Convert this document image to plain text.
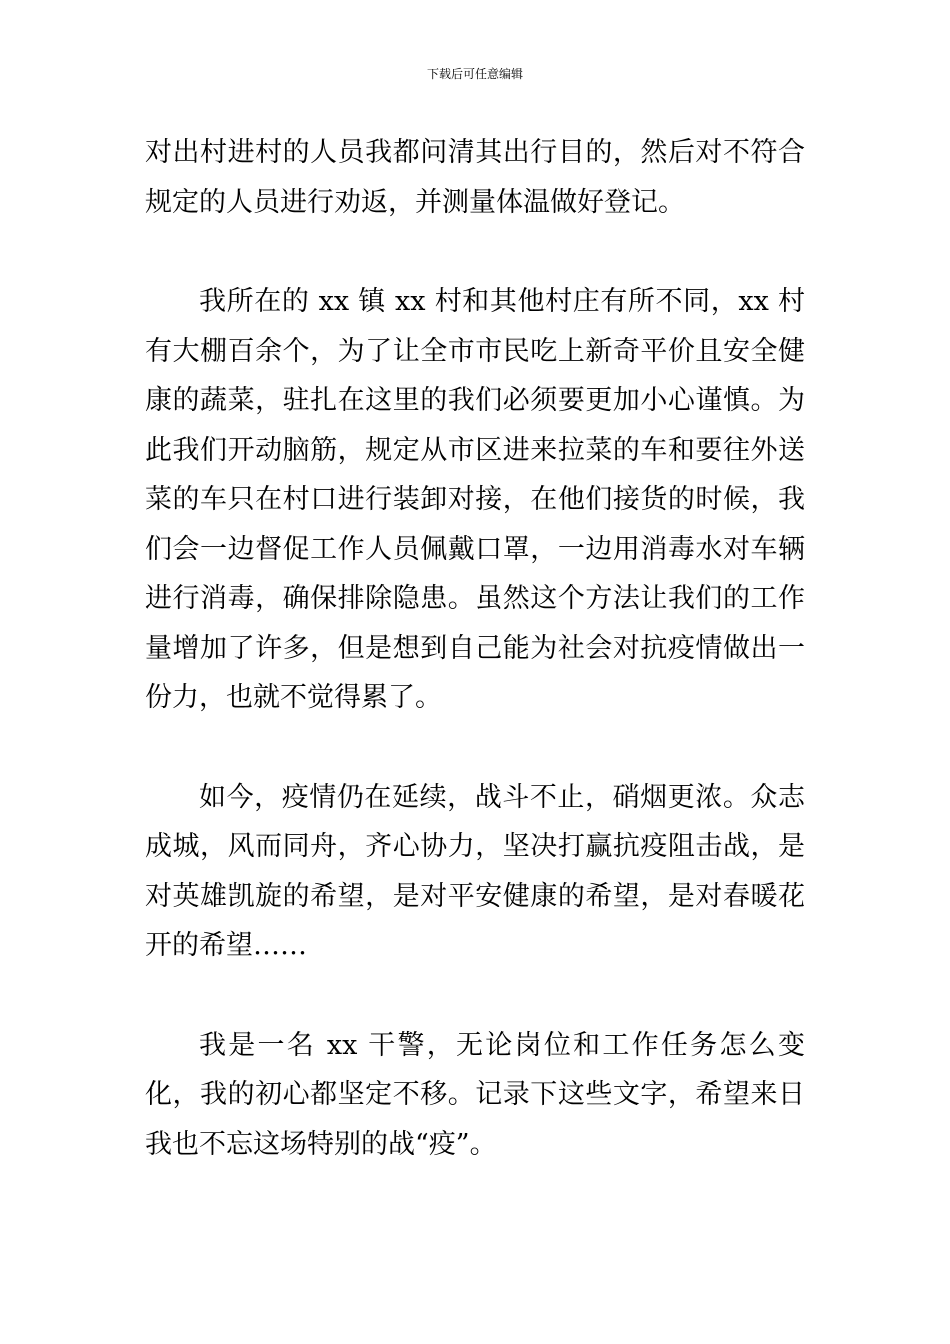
下载后可任意编辑

对出村进村的人员我都问清其出行目的，然后对不符合规定的人员进行劝返，并测量体温做好登记。

我所在的 xx 镇 xx 村和其他村庄有所不同，xx 村有大棚百余个，为了让全市市民吃上新奇平价且安全健康的蔬菜，驻扎在这里的我们必须要更加小心谨慎。为此我们开动脑筋，规定从市区进来拉菜的车和要往外送菜的车只在村口进行装卸对接，在他们接货的时候，我们会一边督促工作人员佩戴口罩，一边用消毒水对车辆进行消毒，确保排除隐患。虽然这个方法让我们的工作量增加了许多，但是想到自己能为社会对抗疫情做出一份力，也就不觉得累了。

如今，疫情仍在延续，战斗不止，硝烟更浓。众志成城，风而同舟，齐心协力，坚决打赢抗疫阻击战，是对英雄凯旋的希望，是对平安健康的希望，是对春暖花开的希望……

我是一名 xx 干警，无论岗位和工作任务怎么变化，我的初心都坚定不移。记录下这些文字，希望来日我也不忘这场特别的战“疫”。
